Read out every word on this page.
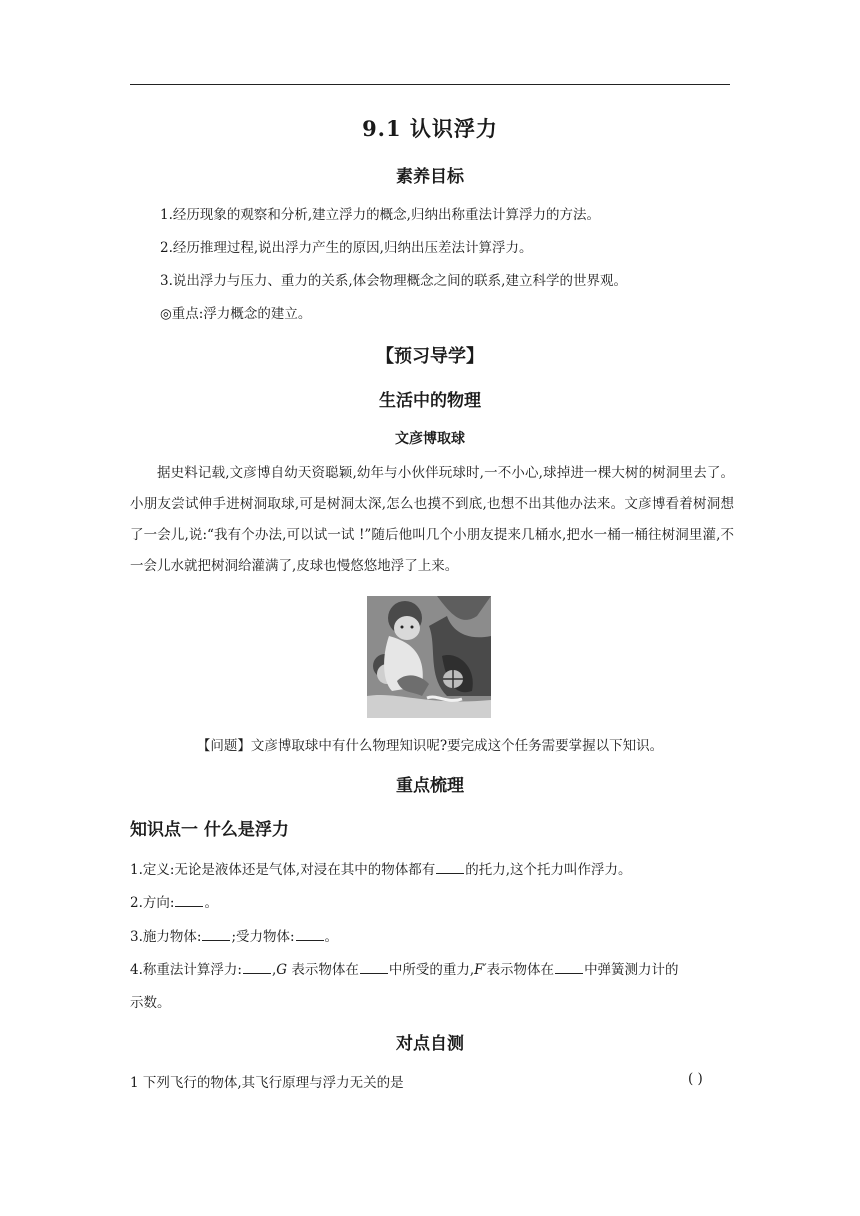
9.1 认识浮力
素养目标
1.经历现象的观察和分析,建立浮力的概念,归纳出称重法计算浮力的方法。
2.经历推理过程,说出浮力产生的原因,归纳出压差法计算浮力。
3.说出浮力与压力、重力的关系,体会物理概念之间的联系,建立科学的世界观。
◎重点:浮力概念的建立。
【预习导学】
生活中的物理
文彦博取球

据史料记载,文彦博自幼天资聪颖,幼年与小伙伴玩球时,一不小心,球掉进一棵大树的树洞里去了。小朋友尝试伸手进树洞取球,可是树洞太深,怎么也摸不到底,也想不出其他办法来。文彦博看着树洞想了一会儿,说:“我有个办法,可以试一试 !”随后他叫几个小朋友提来几桶水,把水一桶一桶往树洞里灌,不一会儿水就把树洞给灌满了,皮球也慢悠悠地浮了上来。

【问题】文彦博取球中有什么物理知识呢?要完成这个任务需要掌握以下知识。
重点梳理
知识点一 什么是浮力
1.定义:无论是液体还是气体,对浸在其中的物体都有 的托力,这个托力叫作浮力。
2.方向: 。
3.施力物体: ;受力物体: 。
4.称重法计算浮力: ,G 表示物体在 中所受的重力,F′表示物体在 中弹簧测力计的
示数。
对点自测
1 下列飞行的物体,其飞行原理与浮力无关的是	( )
